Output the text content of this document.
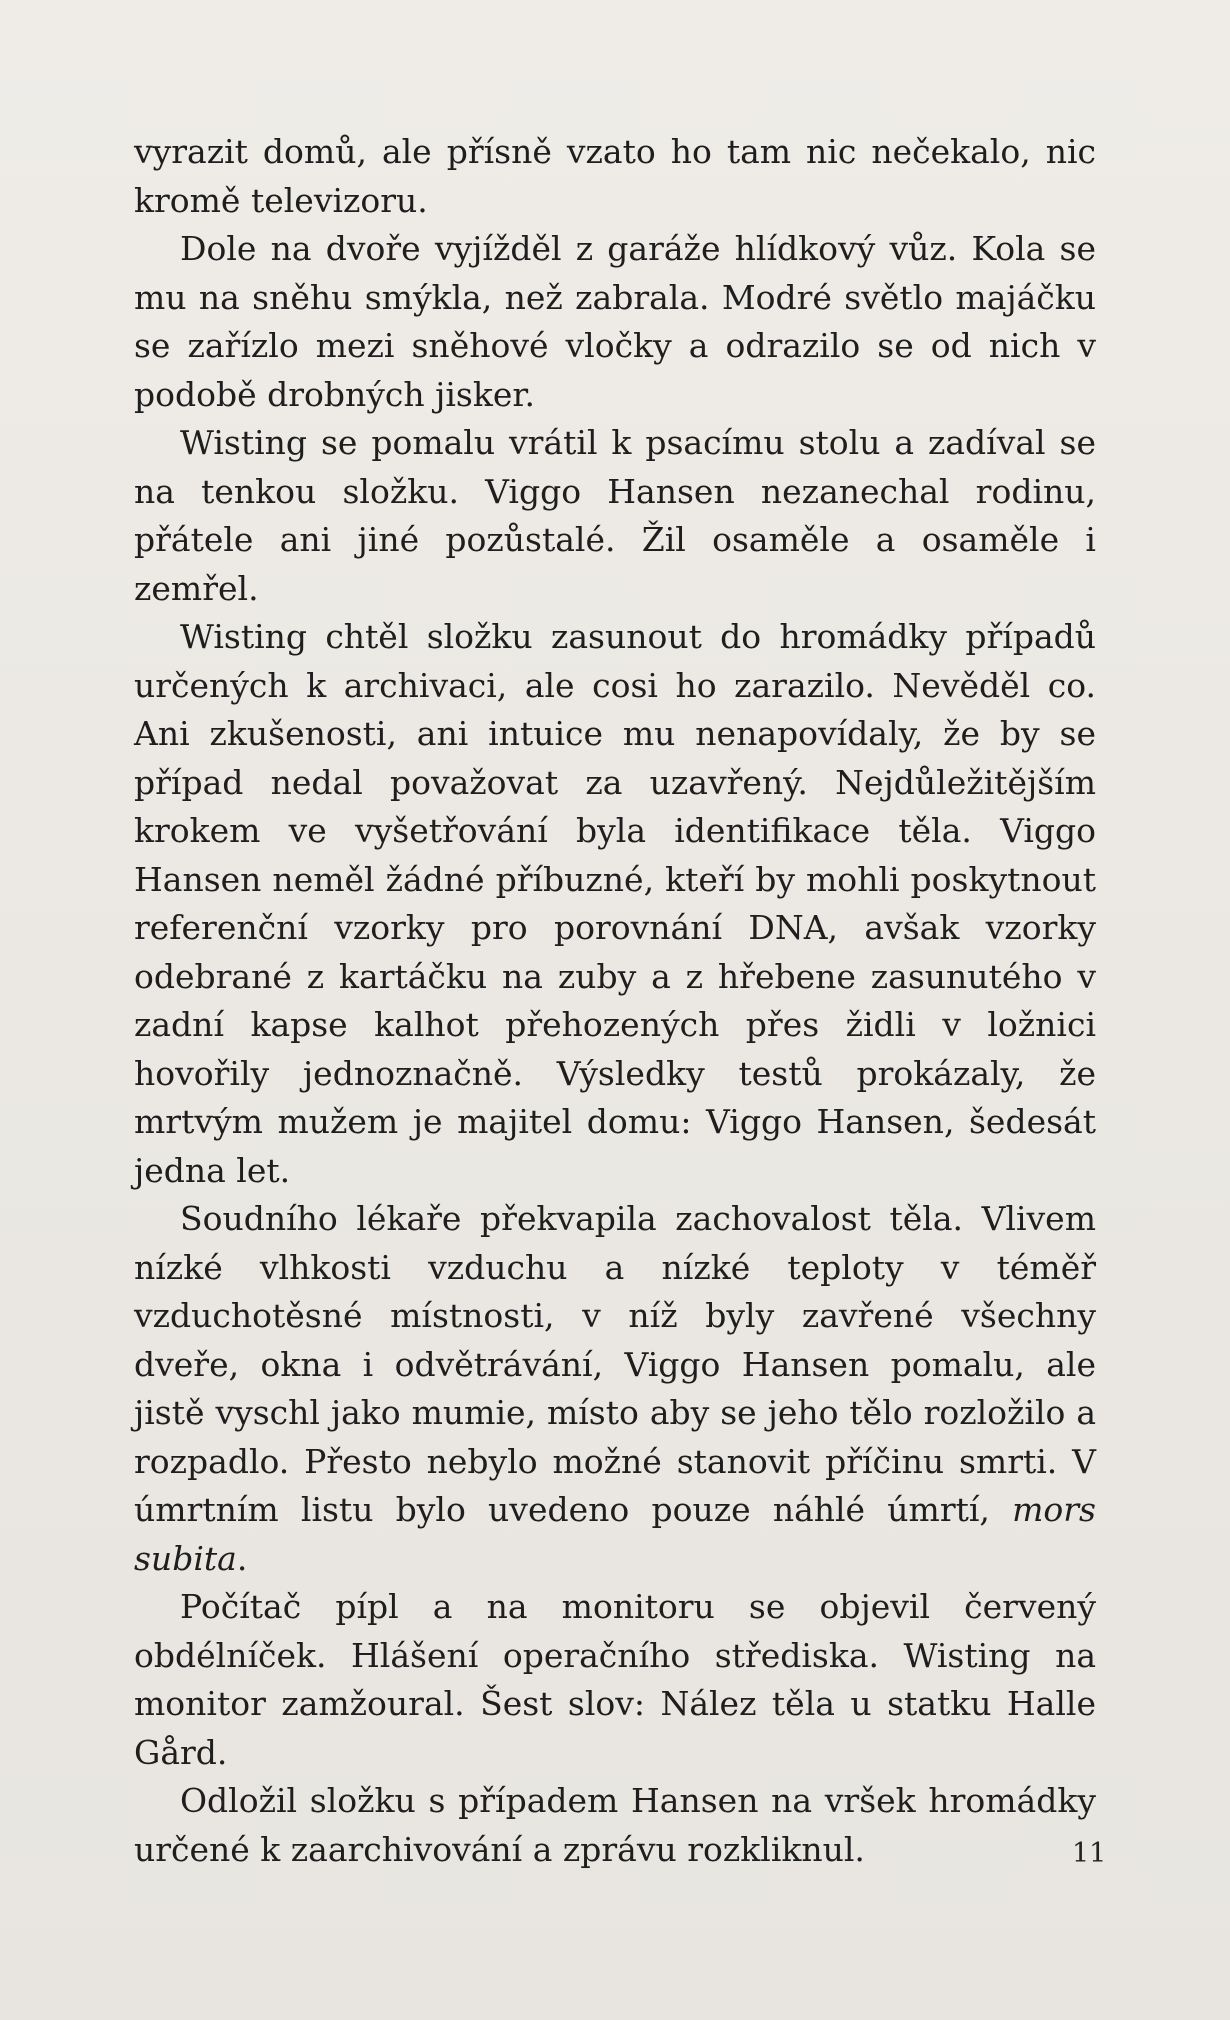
vyrazit domů, ale přísně vzato ho tam nic nečekalo, nic kromě televizoru.

Dole na dvoře vyjížděl z garáže hlídkový vůz. Kola se mu na sněhu smýkla, než zabrala. Modré světlo majáčku se zařízlo mezi sněhové vločky a odrazilo se od nich v podobě drobných jisker.

Wisting se pomalu vrátil k psacímu stolu a zadíval se na tenkou složku. Viggo Hansen nezanechal rodinu, přátele ani jiné pozůstalé. Žil osaměle a osaměle i zemřel.

Wisting chtěl složku zasunout do hromádky případů určených k archivaci, ale cosi ho zarazilo. Nevěděl co. Ani zkušenosti, ani intuice mu nenapovídaly, že by se případ nedal považovat za uzavřený. Nejdůležitějším krokem ve vyšetřování byla identifikace těla. Viggo Hansen neměl žádné příbuzné, kteří by mohli poskytnout referenční vzorky pro porovnání DNA, avšak vzorky odebrané z kartáčku na zuby a z hřebene zasunutého v zadní kapse kalhot přehozených přes židli v ložnici hovořily jednoznačně. Výsledky testů prokázaly, že mrtvým mužem je majitel domu: Viggo Hansen, šedesát jedna let.

Soudního lékaře překvapila zachovalost těla. Vlivem nízké vlhkosti vzduchu a nízké teploty v téměř vzduchotěsné místnosti, v níž byly zavřené všechny dveře, okna i odvětrávání, Viggo Hansen pomalu, ale jistě vyschl jako mumie, místo aby se jeho tělo rozložilo a rozpadlo. Přesto nebylo možné stanovit příčinu smrti. V úmrtním listu bylo uvedeno pouze náhlé úmrtí, mors subita.

Počítač pípl a na monitoru se objevil červený obdélníček. Hlášení operačního střediska. Wisting na monitor zamžoural. Šest slov: Nález těla u statku Halle Gård.

Odložil složku s případem Hansen na vršek hromádky určené k zaarchivování a zprávu rozkliknul.	11
